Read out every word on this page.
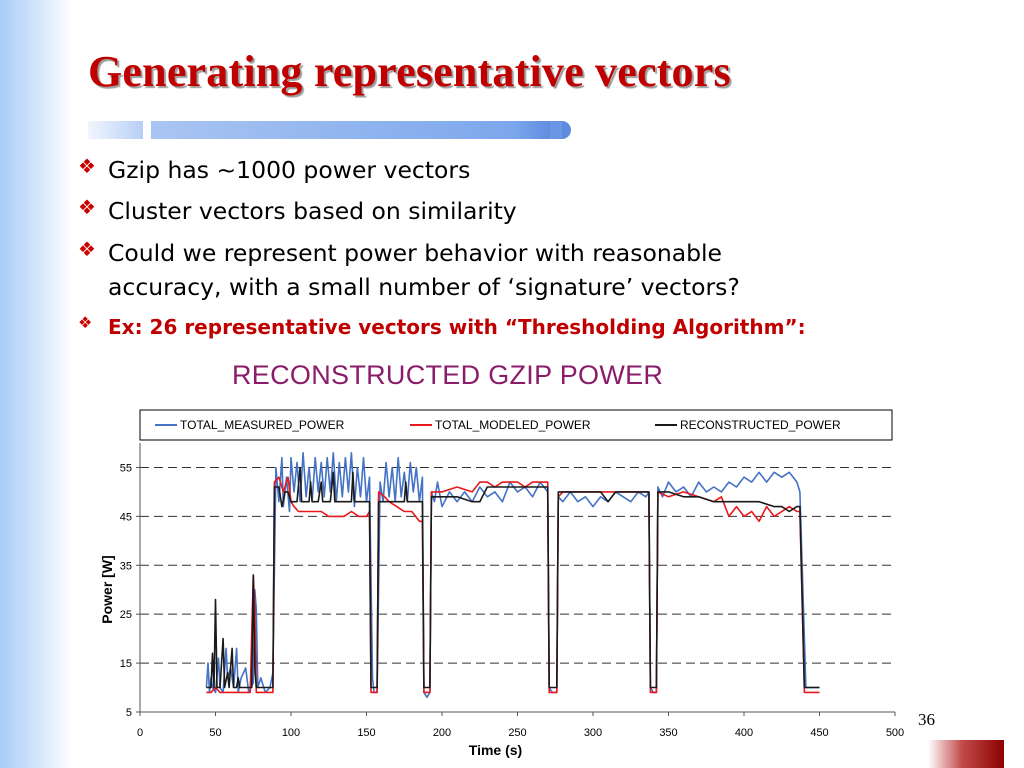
Generating representative vectors
❖ Gzip has ~1000 power vectors
❖ Cluster vectors based on similarity
❖ Could we represent power behavior with reasonable
accuracy, with a small number of ‘signature’ vectors?
❖ Ex: 26 representative vectors with “Thresholding Algorithm”:
RECONSTRUCTED GZIP POWER
TOTAL_MEASURED_POWER	TOTAL_MODELED_POWER	RECONSTRUCTED_POWER
5
15
25
35
45
55
0	50	100	150	200	250	300	350	400	450	500
Time (s)
Power [W]
36
